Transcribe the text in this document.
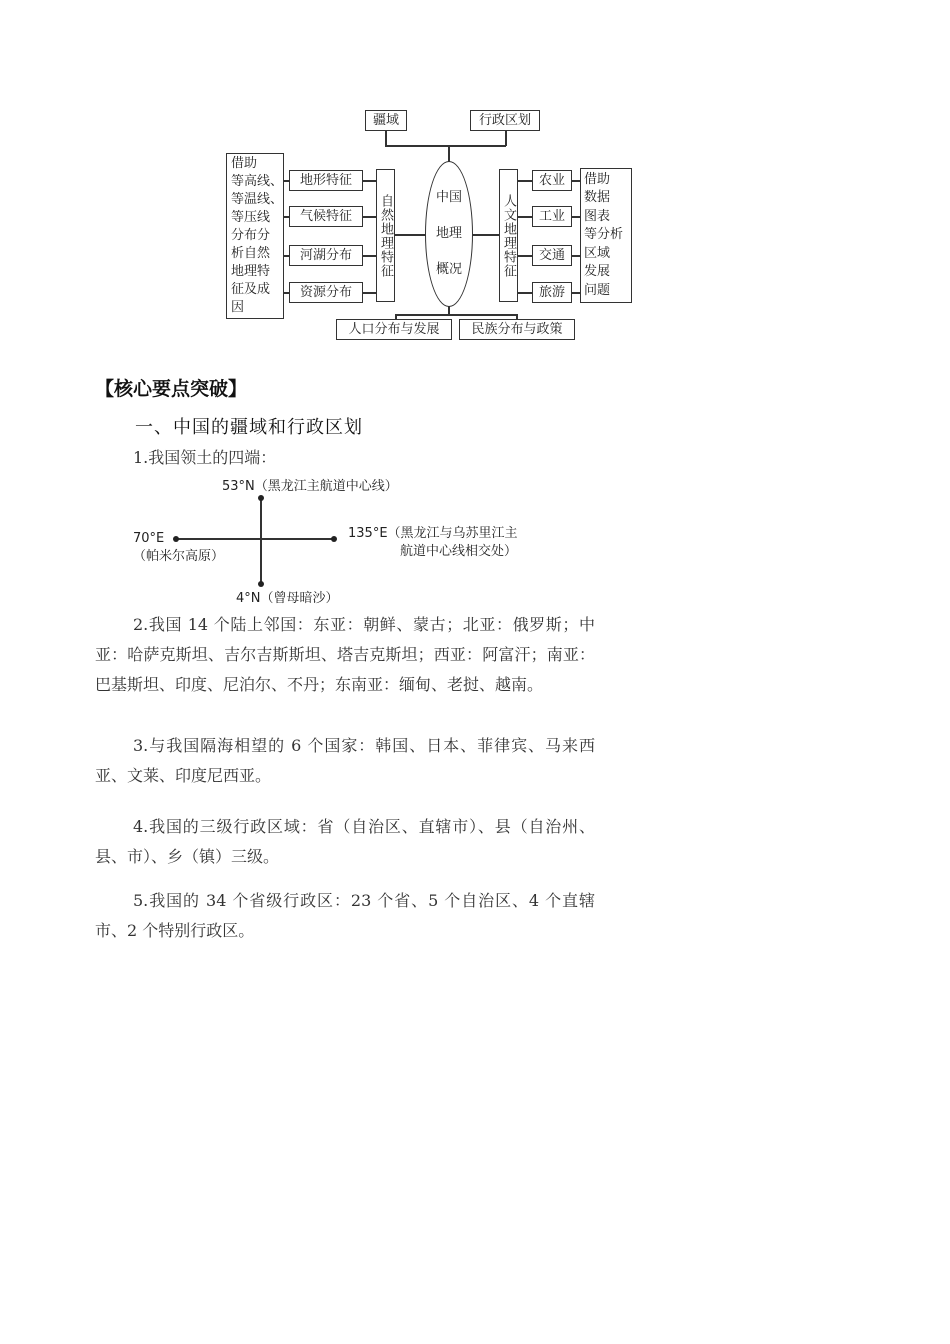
疆域	行政区划
中国
地理
概况
自然地理特征	人文地理特征
地形特征
气候特征
河湖分布
资源分布
农业
工业
交通
旅游
借助
等高线、
等温线、
等压线
分布分
析自然
地理特
征及成
因
借助
数据
图表
等分析
区域
发展
问题
人口分布与发展	民族分布与政策
【核心要点突破】
一、中国的疆域和行政区划
1.我国领土的四端：
53°N（黑龙江主航道中心线）
70°E
（帕米尔高原）
135°E（黑龙江与乌苏里江主
航道中心线相交处）
4°N（曾母暗沙）
2.我国 14 个陆上邻国：东亚：朝鲜、蒙古；北亚：俄罗斯；中亚：哈萨克斯坦、吉尔吉斯斯坦、塔吉克斯坦；西亚：阿富汗；南亚：巴基斯坦、印度、尼泊尔、不丹；东南亚：缅甸、老挝、越南。
3.与我国隔海相望的 6 个国家：韩国、日本、菲律宾、马来西亚、文莱、印度尼西亚。
4.我国的三级行政区域：省（自治区、直辖市）、县（自治州、县、市）、乡（镇）三级。
5.我国的 34 个省级行政区：23 个省、5 个自治区、4 个直辖市、2 个特别行政区。
